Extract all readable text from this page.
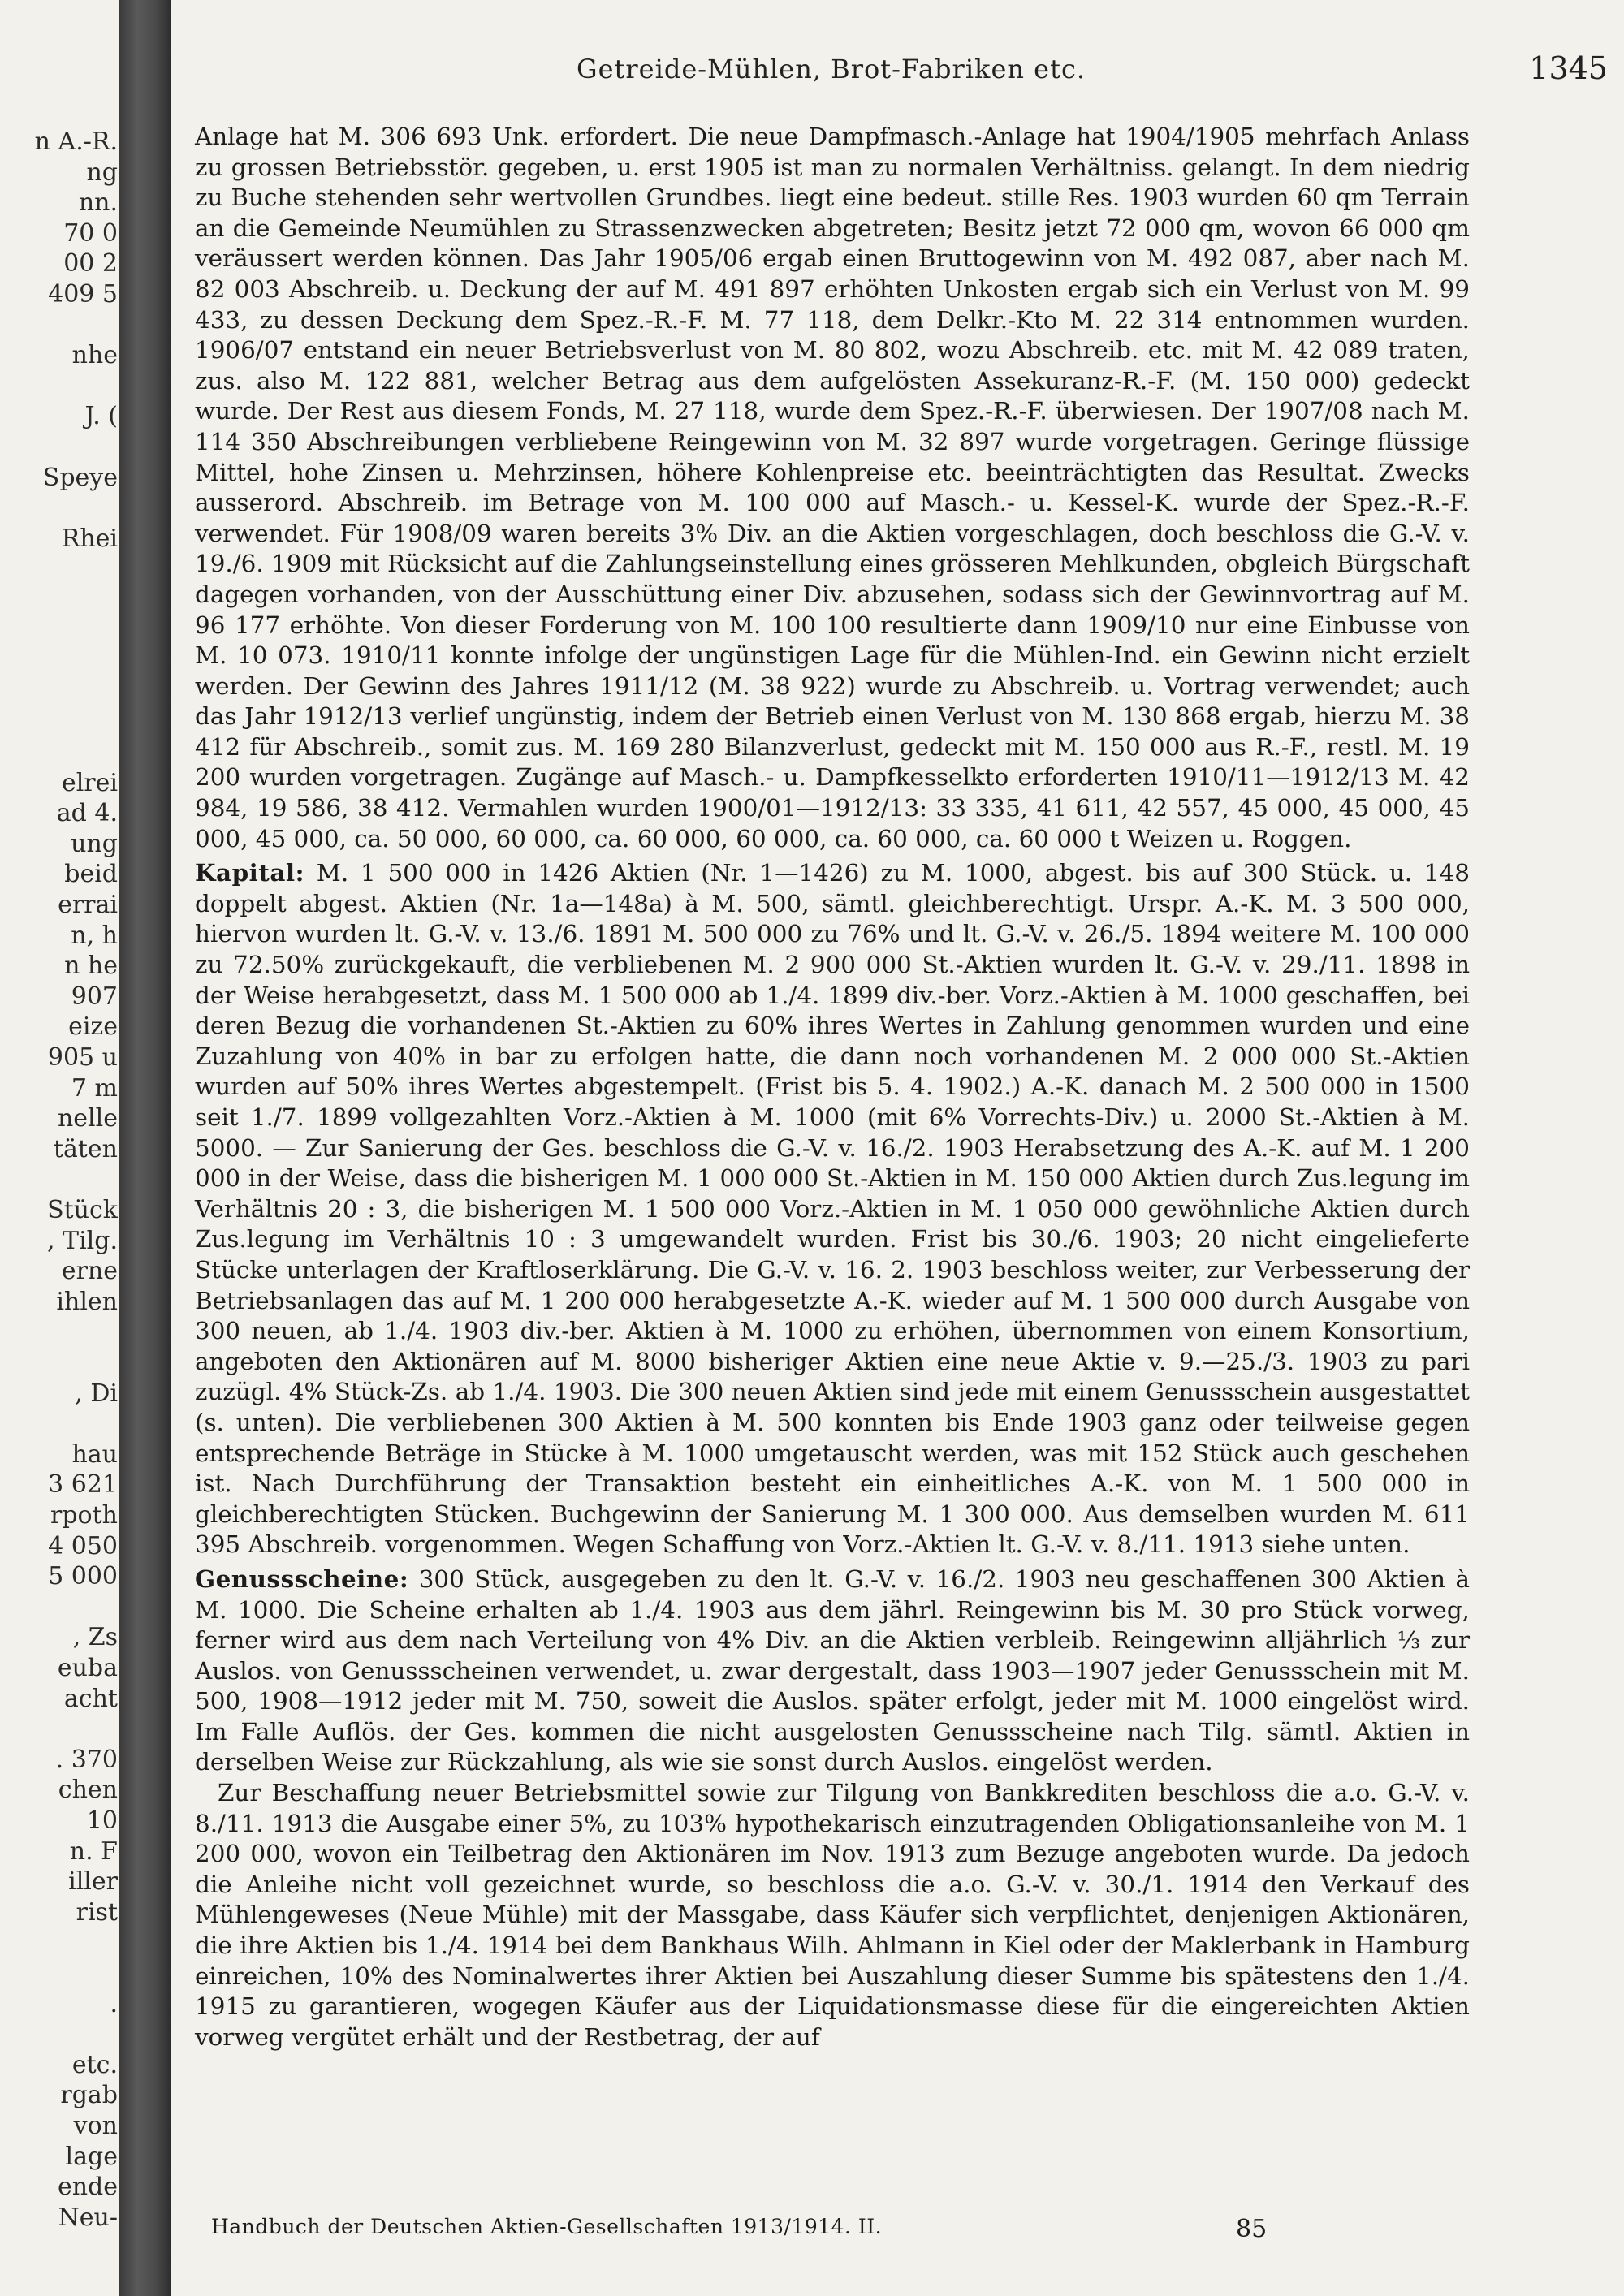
n A.-R.
ng
nn.
70 0
00 2
409 5
nhe
J. (
Speye
Rhei
elrei
ad 4.
ung
beid
errai
n, h
n he
907
eize
905 u
7 m
nelle
täten
Stück
, Tilg.
erne
ihlen
, Di
hau
3 621
rpoth
4 050
5 000
, Zs
euba
acht
. 370
chen
10
n. F
iller
rist
.
etc.
rgab
von
lage
ende
Neu-
Getreide-Mühlen, Brot-Fabriken etc.	1345

Anlage hat M. 306 693 Unk. erfordert. Die neue Dampfmasch.-Anlage hat 1904/1905 mehrfach Anlass zu grossen Betriebsstör. gegeben, u. erst 1905 ist man zu normalen Verhältniss. gelangt. In dem niedrig zu Buche stehenden sehr wertvollen Grundbes. liegt eine bedeut. stille Res. 1903 wurden 60 qm Terrain an die Gemeinde Neumühlen zu Strassenzwecken abgetreten; Besitz jetzt 72 000 qm, wovon 66 000 qm veräussert werden können. Das Jahr 1905/06 ergab einen Bruttogewinn von M. 492 087, aber nach M. 82 003 Abschreib. u. Deckung der auf M. 491 897 erhöhten Unkosten ergab sich ein Verlust von M. 99 433, zu dessen Deckung dem Spez.-R.-F. M. 77 118, dem Delkr.-Kto M. 22 314 entnommen wurden. 1906/07 entstand ein neuer Betriebsverlust von M. 80 802, wozu Abschreib. etc. mit M. 42 089 traten, zus. also M. 122 881, welcher Betrag aus dem aufgelösten Assekuranz-R.-F. (M. 150 000) gedeckt wurde. Der Rest aus diesem Fonds, M. 27 118, wurde dem Spez.-R.-F. überwiesen. Der 1907/08 nach M. 114 350 Abschreibungen verbliebene Reingewinn von M. 32 897 wurde vorgetragen. Geringe flüssige Mittel, hohe Zinsen u. Mehrzinsen, höhere Kohlenpreise etc. beeinträchtigten das Resultat. Zwecks ausserord. Abschreib. im Betrage von M. 100 000 auf Masch.- u. Kessel-K. wurde der Spez.-R.-F. verwendet. Für 1908/09 waren bereits 3% Div. an die Aktien vorgeschlagen, doch beschloss die G.-V. v. 19./6. 1909 mit Rücksicht auf die Zahlungseinstellung eines grösseren Mehlkunden, obgleich Bürgschaft dagegen vorhanden, von der Ausschüttung einer Div. abzusehen, sodass sich der Gewinnvortrag auf M. 96 177 erhöhte. Von dieser Forderung von M. 100 100 resultierte dann 1909/10 nur eine Einbusse von M. 10 073. 1910/11 konnte infolge der ungünstigen Lage für die Mühlen-Ind. ein Gewinn nicht erzielt werden. Der Gewinn des Jahres 1911/12 (M. 38 922) wurde zu Abschreib. u. Vortrag verwendet; auch das Jahr 1912/13 verlief ungünstig, indem der Betrieb einen Verlust von M. 130 868 ergab, hierzu M. 38 412 für Abschreib., somit zus. M. 169 280 Bilanzverlust, gedeckt mit M. 150 000 aus R.-F., restl. M. 19 200 wurden vorgetragen. Zugänge auf Masch.- u. Dampfkesselkto erforderten 1910/11—1912/13 M. 42 984, 19 586, 38 412. Vermahlen wurden 1900/01—1912/13: 33 335, 41 611, 42 557, 45 000, 45 000, 45 000, 45 000, ca. 50 000, 60 000, ca. 60 000, 60 000, ca. 60 000, ca. 60 000 t Weizen u. Roggen.

Kapital: M. 1 500 000 in 1426 Aktien (Nr. 1—1426) zu M. 1000, abgest. bis auf 300 Stück. u. 148 doppelt abgest. Aktien (Nr. 1a—148a) à M. 500, sämtl. gleichberechtigt. Urspr. A.-K. M. 3 500 000, hiervon wurden lt. G.-V. v. 13./6. 1891 M. 500 000 zu 76% und lt. G.-V. v. 26./5. 1894 weitere M. 100 000 zu 72.50% zurückgekauft, die verbliebenen M. 2 900 000 St.-Aktien wurden lt. G.-V. v. 29./11. 1898 in der Weise herabgesetzt, dass M. 1 500 000 ab 1./4. 1899 div.-ber. Vorz.-Aktien à M. 1000 geschaffen, bei deren Bezug die vorhandenen St.-Aktien zu 60% ihres Wertes in Zahlung genommen wurden und eine Zuzahlung von 40% in bar zu erfolgen hatte, die dann noch vorhandenen M. 2 000 000 St.-Aktien wurden auf 50% ihres Wertes abgestempelt. (Frist bis 5. 4. 1902.) A.-K. danach M. 2 500 000 in 1500 seit 1./7. 1899 vollgezahlten Vorz.-Aktien à M. 1000 (mit 6% Vorrechts-Div.) u. 2000 St.-Aktien à M. 5000. — Zur Sanierung der Ges. beschloss die G.-V. v. 16./2. 1903 Herabsetzung des A.-K. auf M. 1 200 000 in der Weise, dass die bisherigen M. 1 000 000 St.-Aktien in M. 150 000 Aktien durch Zus.legung im Verhältnis 20 : 3, die bisherigen M. 1 500 000 Vorz.-Aktien in M. 1 050 000 gewöhnliche Aktien durch Zus.legung im Verhältnis 10 : 3 umgewandelt wurden. Frist bis 30./6. 1903; 20 nicht eingelieferte Stücke unterlagen der Kraftloserklärung. Die G.-V. v. 16. 2. 1903 beschloss weiter, zur Verbesserung der Betriebsanlagen das auf M. 1 200 000 herabgesetzte A.-K. wieder auf M. 1 500 000 durch Ausgabe von 300 neuen, ab 1./4. 1903 div.-ber. Aktien à M. 1000 zu erhöhen, übernommen von einem Konsortium, angeboten den Aktionären auf M. 8000 bisheriger Aktien eine neue Aktie v. 9.—25./3. 1903 zu pari zuzügl. 4% Stück-Zs. ab 1./4. 1903. Die 300 neuen Aktien sind jede mit einem Genussschein ausgestattet (s. unten). Die verbliebenen 300 Aktien à M. 500 konnten bis Ende 1903 ganz oder teilweise gegen entsprechende Beträge in Stücke à M. 1000 umgetauscht werden, was mit 152 Stück auch geschehen ist. Nach Durchführung der Transaktion besteht ein einheitliches A.-K. von M. 1 500 000 in gleichberechtigten Stücken. Buchgewinn der Sanierung M. 1 300 000. Aus demselben wurden M. 611 395 Abschreib. vorgenommen. Wegen Schaffung von Vorz.-Aktien lt. G.-V. v. 8./11. 1913 siehe unten.

Genussscheine: 300 Stück, ausgegeben zu den lt. G.-V. v. 16./2. 1903 neu geschaffenen 300 Aktien à M. 1000. Die Scheine erhalten ab 1./4. 1903 aus dem jährl. Reingewinn bis M. 30 pro Stück vorweg, ferner wird aus dem nach Verteilung von 4% Div. an die Aktien verbleib. Reingewinn alljährlich ⅓ zur Auslos. von Genussscheinen verwendet, u. zwar dergestalt, dass 1903—1907 jeder Genussschein mit M. 500, 1908—1912 jeder mit M. 750, soweit die Auslos. später erfolgt, jeder mit M. 1000 eingelöst wird. Im Falle Auflös. der Ges. kommen die nicht ausgelosten Genussscheine nach Tilg. sämtl. Aktien in derselben Weise zur Rückzahlung, als wie sie sonst durch Auslos. eingelöst werden.

Zur Beschaffung neuer Betriebsmittel sowie zur Tilgung von Bankkrediten beschloss die a.o. G.-V. v. 8./11. 1913 die Ausgabe einer 5%, zu 103% hypothekarisch einzutragenden Obligationsanleihe von M. 1 200 000, wovon ein Teilbetrag den Aktionären im Nov. 1913 zum Bezuge angeboten wurde. Da jedoch die Anleihe nicht voll gezeichnet wurde, so beschloss die a.o. G.-V. v. 30./1. 1914 den Verkauf des Mühlengeweses (Neue Mühle) mit der Massgabe, dass Käufer sich verpflichtet, denjenigen Aktionären, die ihre Aktien bis 1./4. 1914 bei dem Bankhaus Wilh. Ahlmann in Kiel oder der Maklerbank in Hamburg einreichen, 10% des Nominalwertes ihrer Aktien bei Auszahlung dieser Summe bis spätestens den 1./4. 1915 zu garantieren, wogegen Käufer aus der Liquidationsmasse diese für die eingereichten Aktien vorweg vergütet erhält und der Restbetrag, der auf

Handbuch der Deutschen Aktien-Gesellschaften 1913/1914. II.	85
